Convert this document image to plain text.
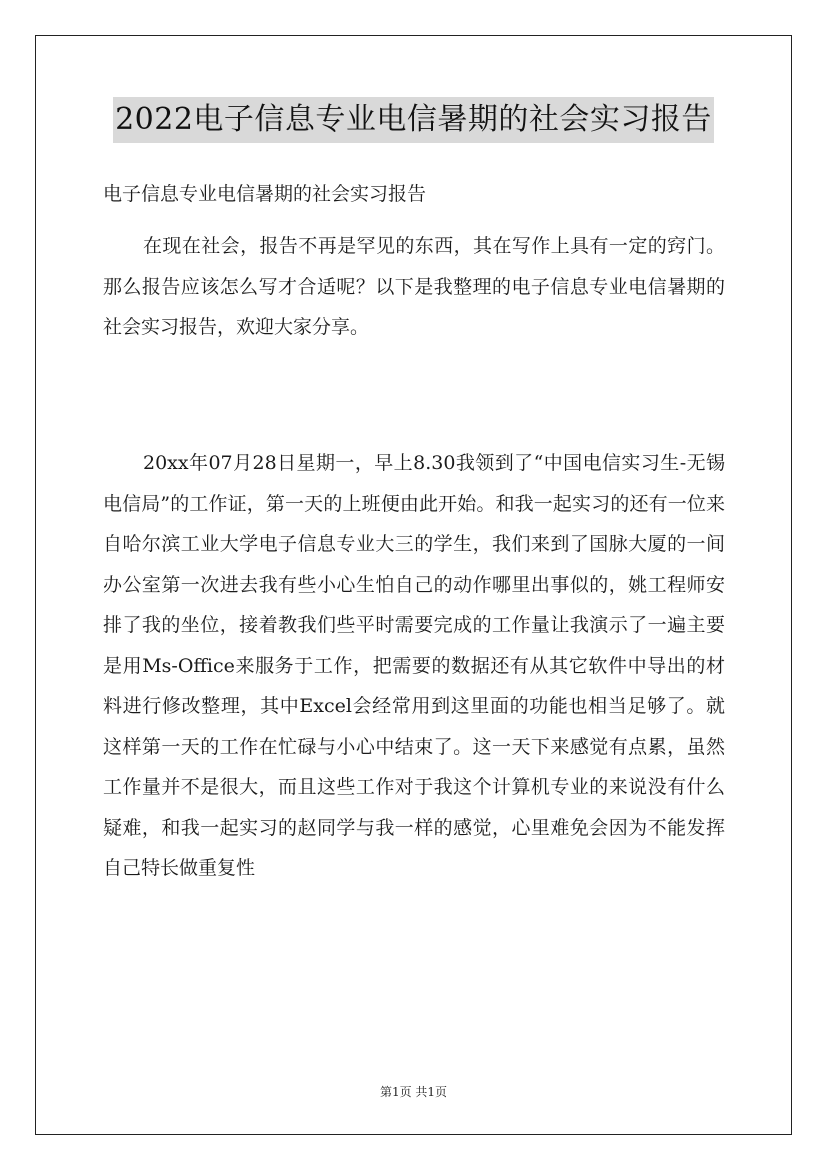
2022电子信息专业电信暑期的社会实习报告
电子信息专业电信暑期的社会实习报告

在现在社会，报告不再是罕见的东西，其在写作上具有一定的窍门。那么报告应该怎么写才合适呢？以下是我整理的电子信息专业电信暑期的社会实习报告，欢迎大家分享。

20xx年07月28日星期一，早上8.30我领到了“中国电信实习生-无锡电信局”的工作证，第一天的上班便由此开始。和我一起实习的还有一位来自哈尔滨工业大学电子信息专业大三的学生，我们来到了国脉大厦的一间办公室第一次进去我有些小心生怕自己的动作哪里出事似的，姚工程师安排了我的坐位，接着教我们些平时需要完成的工作量让我演示了一遍主要是用Ms-Office来服务于工作，把需要的数据还有从其它软件中导出的材料进行修改整理，其中Excel会经常用到这里面的功能也相当足够了。就这样第一天的工作在忙碌与小心中结束了。这一天下来感觉有点累，虽然工作量并不是很大，而且这些工作对于我这个计算机专业的来说没有什么疑难，和我一起实习的赵同学与我一样的感觉，心里难免会因为不能发挥自己特长做重复性

第1页 共1页
